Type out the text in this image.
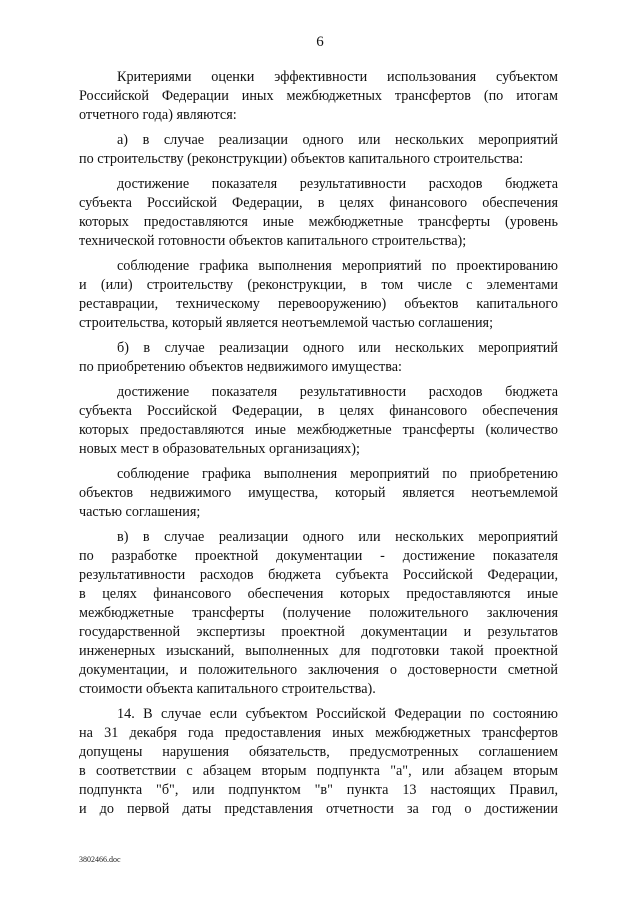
6
Критериями оценки эффективности использования субъектом
Российской Федерации иных межбюджетных трансфертов (по итогам
отчетного года) являются:
а) в случае реализации одного или нескольких мероприятий
по строительству (реконструкции) объектов капитального строительства:
достижение показателя результативности расходов бюджета
субъекта Российской Федерации, в целях финансового обеспечения
которых предоставляются иные межбюджетные трансферты (уровень
технической готовности объектов капитального строительства);
соблюдение графика выполнения мероприятий по проектированию
и (или) строительству (реконструкции, в том числе с элементами
реставрации, техническому перевооружению) объектов капитального
строительства, который является неотъемлемой частью соглашения;
б) в случае реализации одного или нескольких мероприятий
по приобретению объектов недвижимого имущества:
достижение показателя результативности расходов бюджета
субъекта Российской Федерации, в целях финансового обеспечения
которых предоставляются иные межбюджетные трансферты (количество
новых мест в образовательных организациях);
соблюдение графика выполнения мероприятий по приобретению
объектов недвижимого имущества, который является неотъемлемой
частью соглашения;
в) в случае реализации одного или нескольких мероприятий
по разработке проектной документации - достижение показателя
результативности расходов бюджета субъекта Российской Федерации,
в целях финансового обеспечения которых предоставляются иные
межбюджетные трансферты (получение положительного заключения
государственной экспертизы проектной документации и результатов
инженерных изысканий, выполненных для подготовки такой проектной
документации, и положительного заключения о достоверности сметной
стоимости объекта капитального строительства).
14. В случае если субъектом Российской Федерации по состоянию
на 31 декабря года предоставления иных межбюджетных трансфертов
допущены нарушения обязательств, предусмотренных соглашением
в соответствии с абзацем вторым подпункта "а", или абзацем вторым
подпункта "б", или подпунктом "в" пункта 13 настоящих Правил,
и до первой даты представления отчетности за год о достижении
3802466.doc
